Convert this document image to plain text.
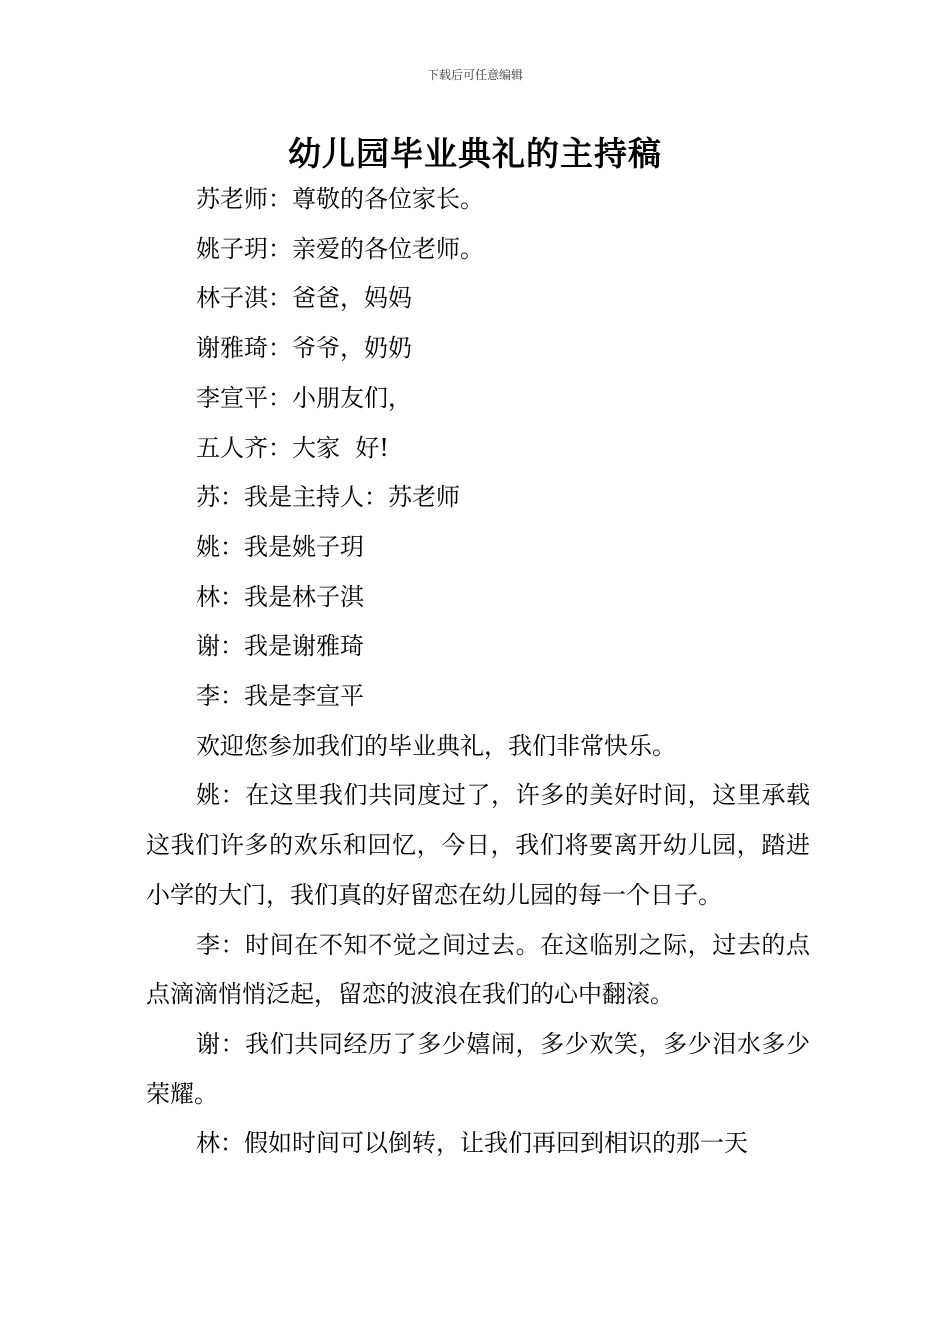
下载后可任意编辑
幼儿园毕业典礼的主持稿

苏老师：尊敬的各位家长。

姚子玥：亲爱的各位老师。

林子淇：爸爸，妈妈

谢雅琦：爷爷，奶奶

李宣平：小朋友们，

五人齐：大家  好!

苏：我是主持人：苏老师

姚：我是姚子玥

林：我是林子淇

谢：我是谢雅琦

李：我是李宣平

欢迎您参加我们的毕业典礼，我们非常快乐。

姚：在这里我们共同度过了，许多的美好时间，这里承载这我们许多的欢乐和回忆，今日，我们将要离开幼儿园，踏进小学的大门，我们真的好留恋在幼儿园的每一个日子。

李：时间在不知不觉之间过去。在这临别之际，过去的点点滴滴悄悄泛起，留恋的波浪在我们的心中翻滚。

谢：我们共同经历了多少嬉闹，多少欢笑，多少泪水多少荣耀。

林：假如时间可以倒转，让我们再回到相识的那一天
